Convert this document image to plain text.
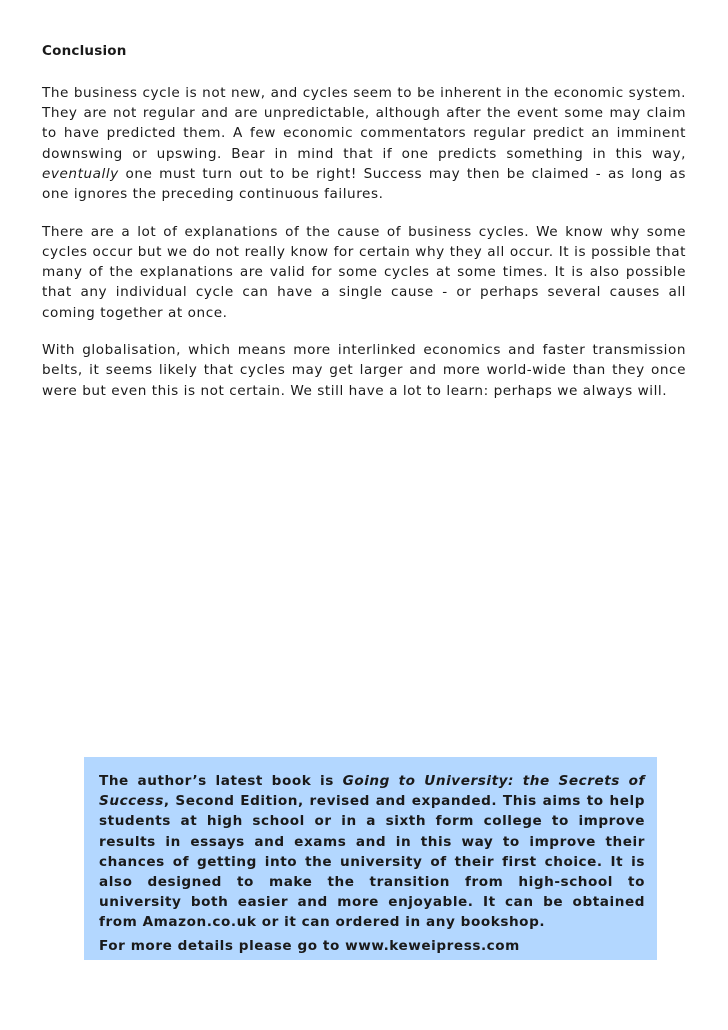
Conclusion

The business cycle is not new, and cycles seem to be inherent in the economic system. They are not regular and are unpredictable, although after the event some may claim to have predicted them. A few economic commentators regular predict an imminent downswing or upswing. Bear in mind that if one predicts something in this way, eventually one must turn out to be right! Success may then be claimed - as long as one ignores the preceding continuous failures.

There are a lot of explanations of the cause of business cycles. We know why some cycles occur but we do not really know for certain why they all occur. It is possible that many of the explanations are valid for some cycles at some times. It is also possible that any individual cycle can have a single cause - or perhaps several causes all coming together at once.

With globalisation, which means more interlinked economics and faster transmission belts, it seems likely that cycles may get larger and more world-wide than they once were but even this is not certain. We still have a lot to learn: perhaps we always will.

The author’s latest book is Going to University: the Secrets of Success, Second Edition, revised and expanded. This aims to help students at high school or in a sixth form college to improve results in essays and exams and in this way to improve their chances of getting into the university of their first choice. It is also designed to make the transition from high-school to university both easier and more enjoyable. It can be obtained from Amazon.co.uk or it can ordered in any bookshop.

For more details please go to www.keweipress.com
